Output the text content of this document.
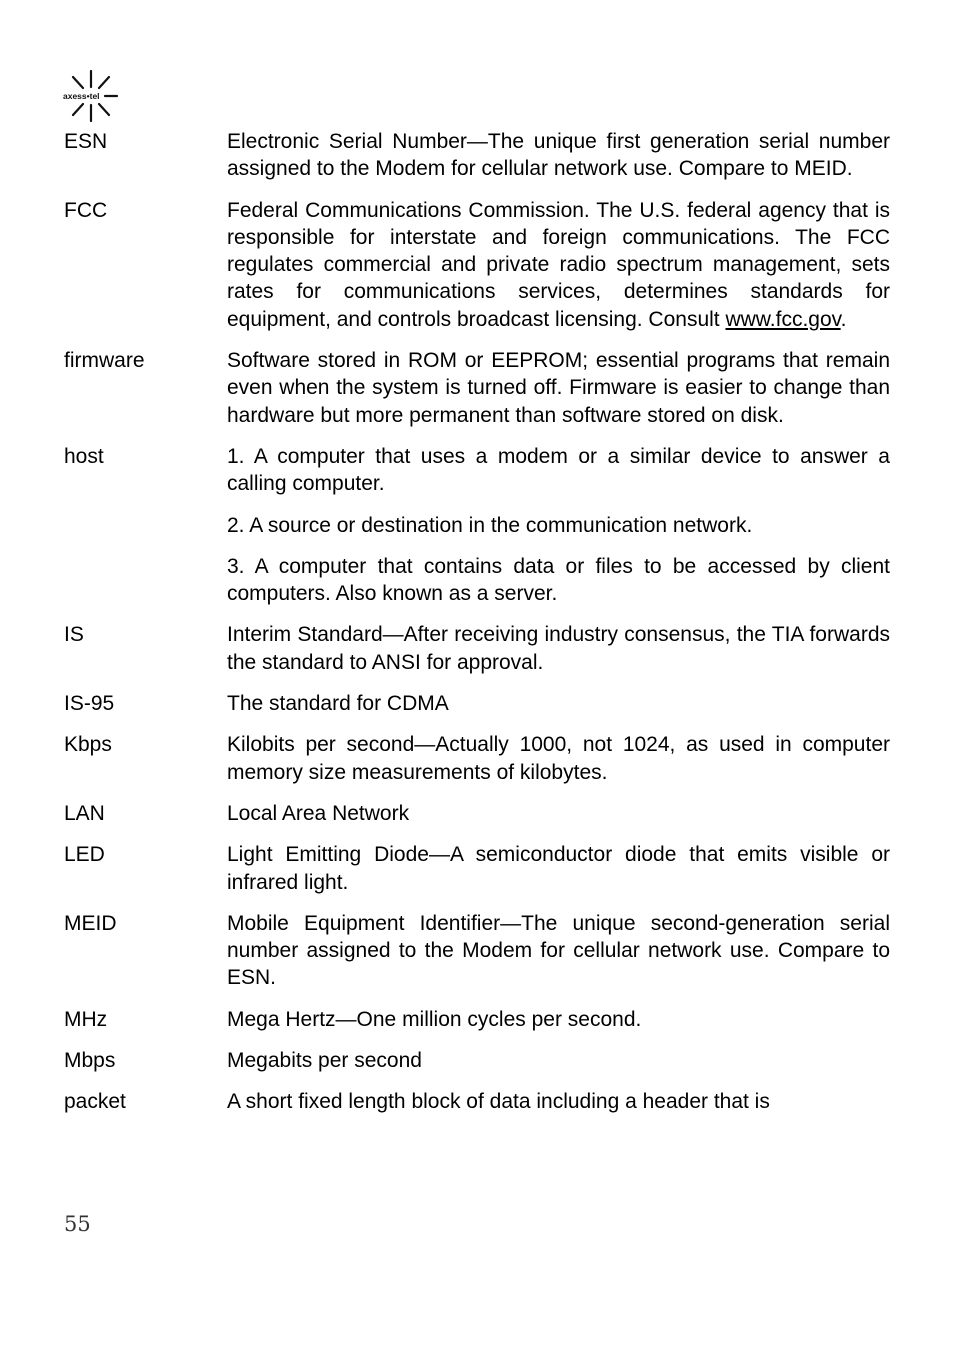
axess•tel
ESN	Electronic Serial Number—The unique first generation serial number assigned to the Modem for cellular network use. Compare to MEID.
FCC	Federal Communications Commission. The U.S. federal agency that is responsible for interstate and foreign communications. The FCC regulates commercial and private radio spectrum management, sets rates for communications services, determines standards for equipment, and controls broadcast licensing. Consult www.fcc.gov.
firmware	Software stored in ROM or EEPROM; essential programs that remain even when the system is turned off. Firmware is easier to change than hardware but more permanent than software stored on disk.
host	1. A computer that uses a modem or a similar device to answer a calling computer.
2. A source or destination in the communication network.
3. A computer that contains data or files to be accessed by client computers. Also known as a server.
IS	Interim Standard—After receiving industry consensus, the TIA forwards the standard to ANSI for approval.
IS-95	The standard for CDMA
Kbps	Kilobits per second—Actually 1000, not 1024, as used in computer memory size measurements of kilobytes.
LAN	Local Area Network
LED	Light Emitting Diode—A semiconductor diode that emits visible or infrared light.
MEID	Mobile Equipment Identifier—The unique second-generation serial number assigned to the Modem for cellular network use. Compare to ESN.
MHz	Mega Hertz—One million cycles per second.
Mbps	Megabits per second
packet	A short fixed length block of data including a header that is
55
